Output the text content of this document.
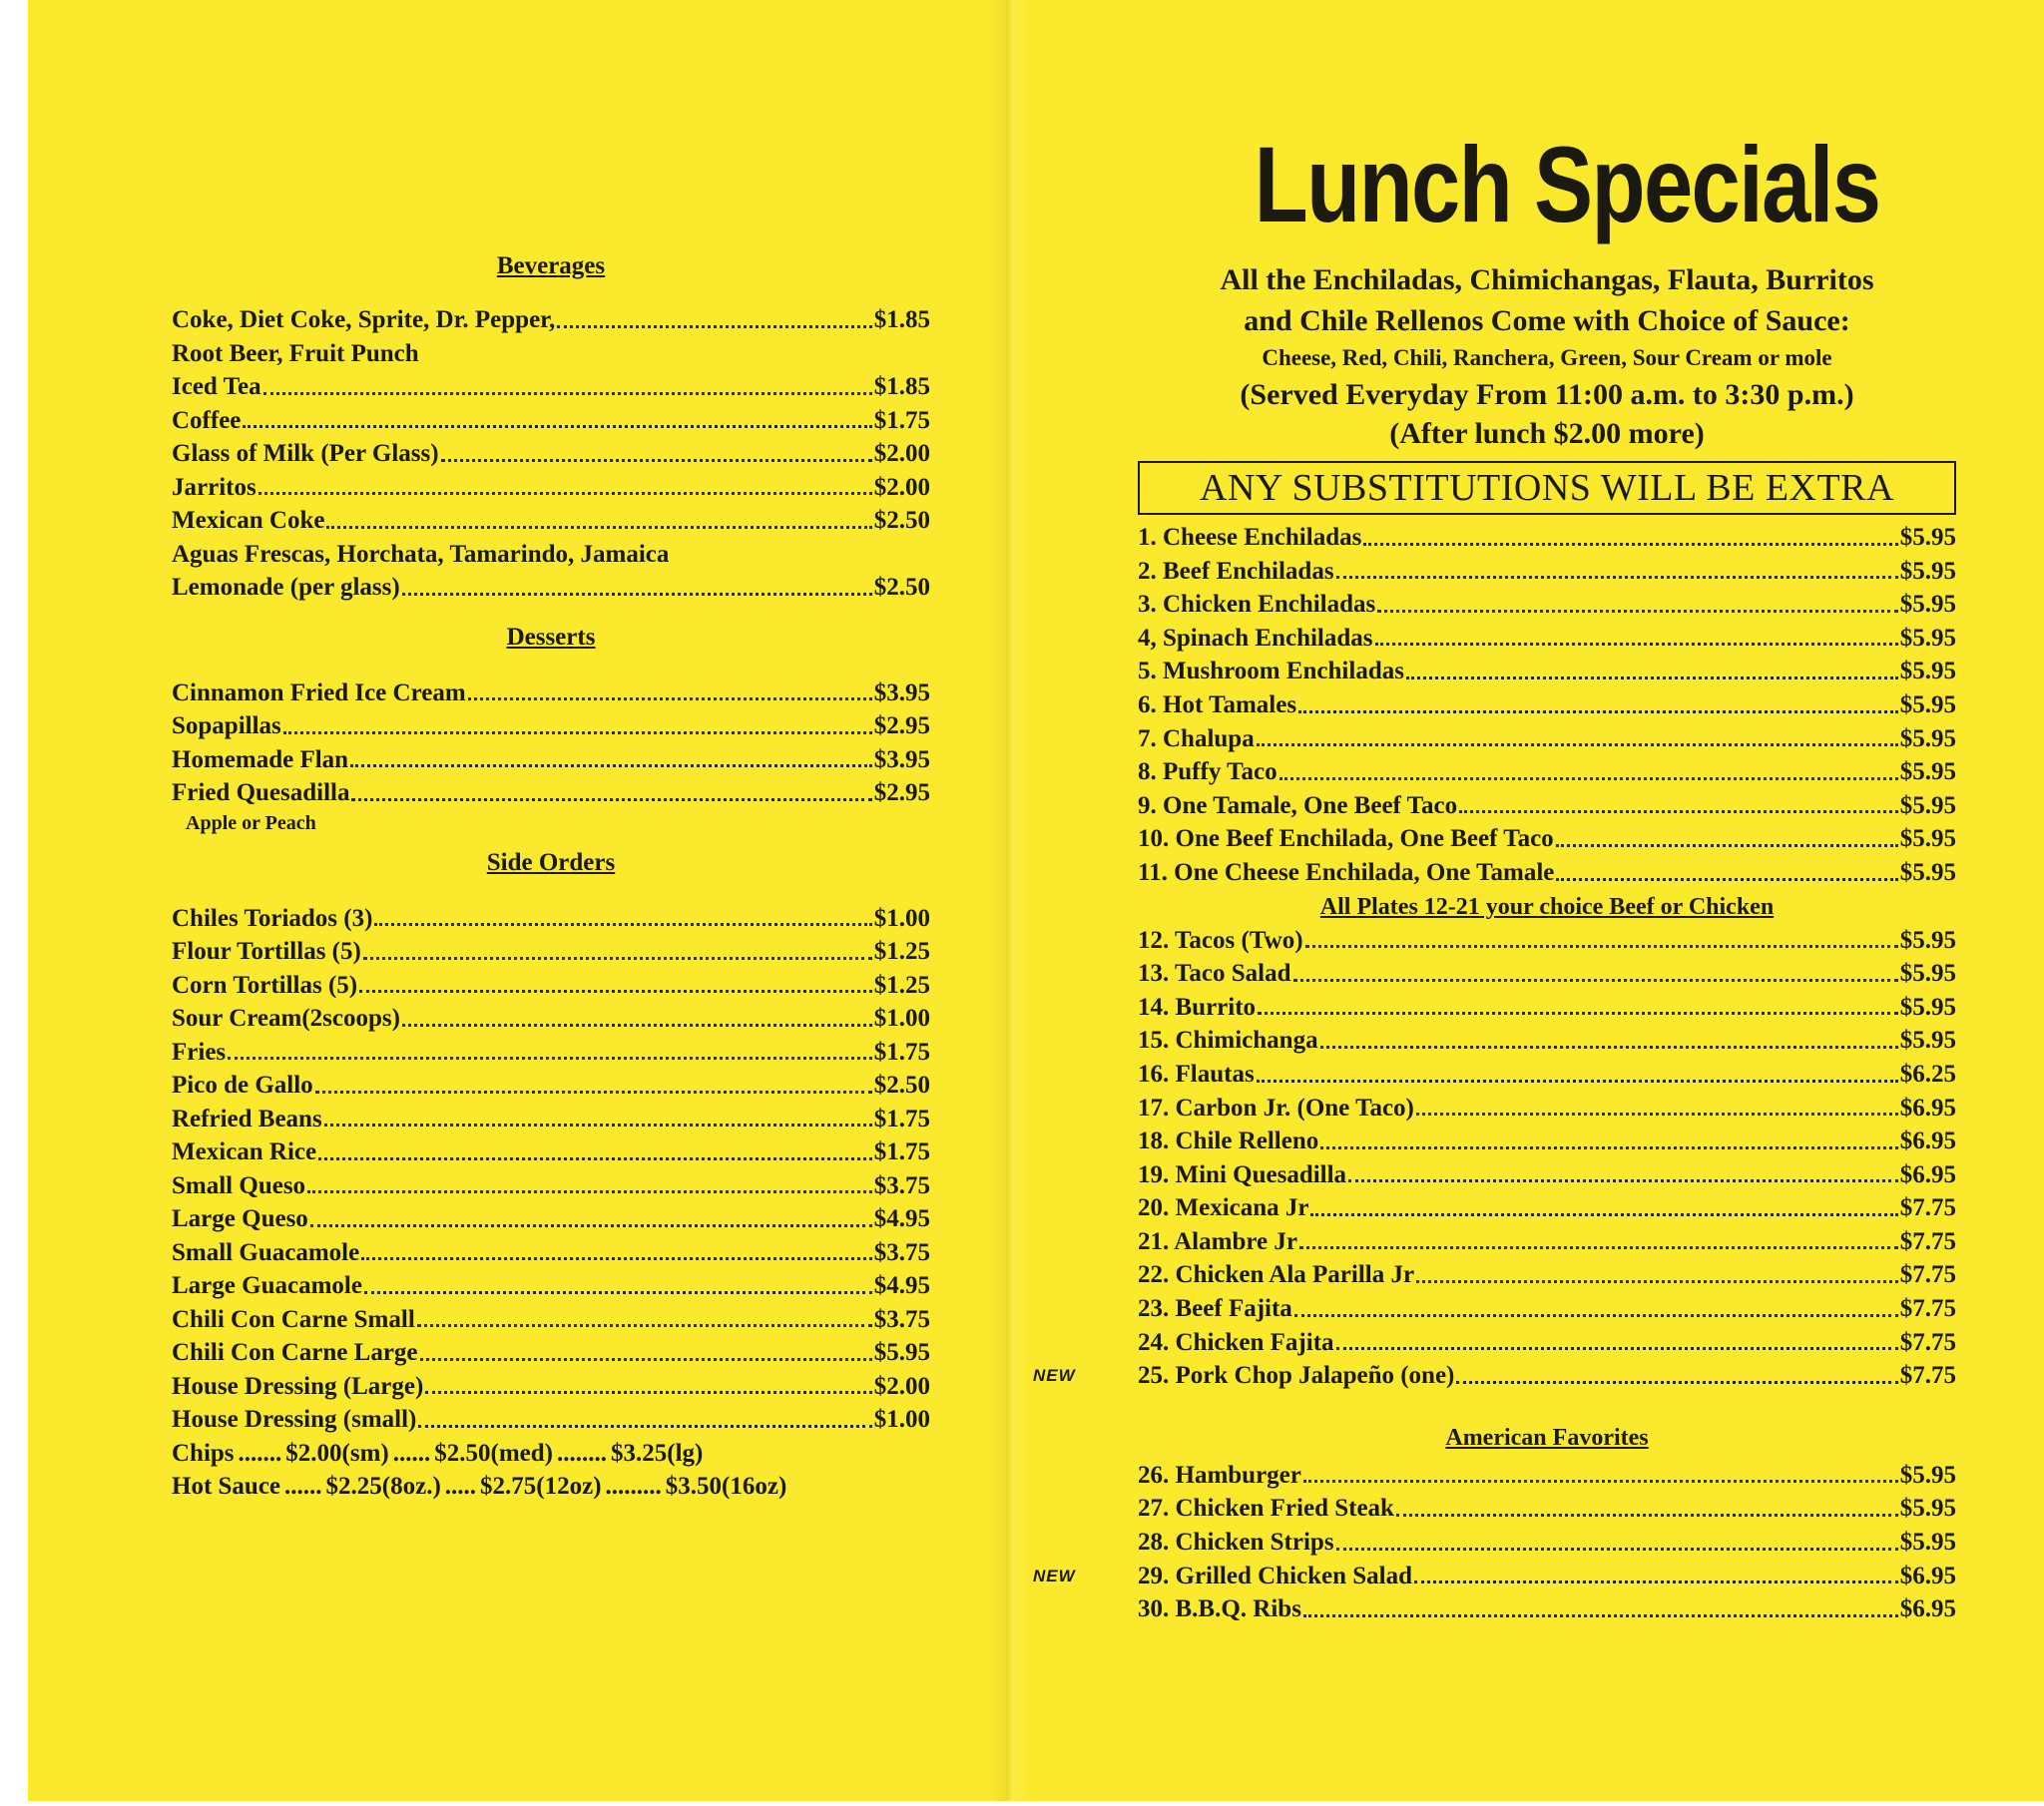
Beverages
Coke, Diet Coke, Sprite, Dr. Pepper,	$1.85
Root Beer, Fruit Punch
Iced Tea	$1.85
Coffee	$1.75
Glass of Milk (Per Glass)	$2.00
Jarritos	$2.00
Mexican Coke	$2.50
Aguas Frescas, Horchata, Tamarindo, Jamaica
Lemonade (per glass)	$2.50
Desserts
Cinnamon Fried Ice Cream	$3.95
Sopapillas	$2.95
Homemade Flan	$3.95
Fried Quesadilla	$2.95
Apple or Peach
Side Orders
Chiles Toriados (3)	$1.00
Flour Tortillas (5)	$1.25
Corn Tortillas (5)	$1.25
Sour Cream(2scoops)	$1.00
Fries	$1.75
Pico de Gallo	$2.50
Refried Beans	$1.75
Mexican Rice	$1.75
Small Queso	$3.75
Large Queso	$4.95
Small Guacamole	$3.75
Large Guacamole	$4.95
Chili Con Carne Small	$3.75
Chili Con Carne Large	$5.95
House Dressing (Large)	$2.00
House Dressing (small)	$1.00
Chips ....... $2.00(sm) ...... $2.50(med) ........ $3.25(lg)
Hot Sauce ...... $2.25(8oz.) ..... $2.75(12oz) ......... $3.50(16oz)
Lunch Specials
All the Enchiladas, Chimichangas, Flauta, Burritos
and Chile Rellenos Come with Choice of Sauce:
Cheese, Red, Chili, Ranchera, Green, Sour Cream or mole
(Served Everyday From 11:00 a.m. to 3:30 p.m.)
(After lunch $2.00 more)
ANY SUBSTITUTIONS WILL BE EXTRA
1. Cheese Enchiladas	$5.95
2. Beef Enchiladas	$5.95
3. Chicken Enchiladas	$5.95
4, Spinach Enchiladas	$5.95
5. Mushroom Enchiladas	$5.95
6. Hot Tamales	$5.95
7. Chalupa	$5.95
8. Puffy Taco	$5.95
9. One Tamale, One Beef Taco	$5.95
10. One Beef Enchilada, One Beef Taco	$5.95
11. One Cheese Enchilada, One Tamale	$5.95
All Plates 12-21 your choice Beef or Chicken
12. Tacos (Two)	$5.95
13. Taco Salad	$5.95
14. Burrito	$5.95
15. Chimichanga	$5.95
16. Flautas	$6.25
17. Carbon Jr. (One Taco)	$6.95
18. Chile Relleno	$6.95
19. Mini Quesadilla	$6.95
20. Mexicana Jr	$7.75
21. Alambre Jr	$7.75
22. Chicken Ala Parilla Jr	$7.75
23. Beef Fajita	$7.75
24. Chicken Fajita	$7.75
NEW 25. Pork Chop Jalapeño (one)	$7.75
American Favorites
26. Hamburger	$5.95
27. Chicken Fried Steak	$5.95
28. Chicken Strips	$5.95
NEW 29. Grilled Chicken Salad	$6.95
30. B.B.Q. Ribs	$6.95
